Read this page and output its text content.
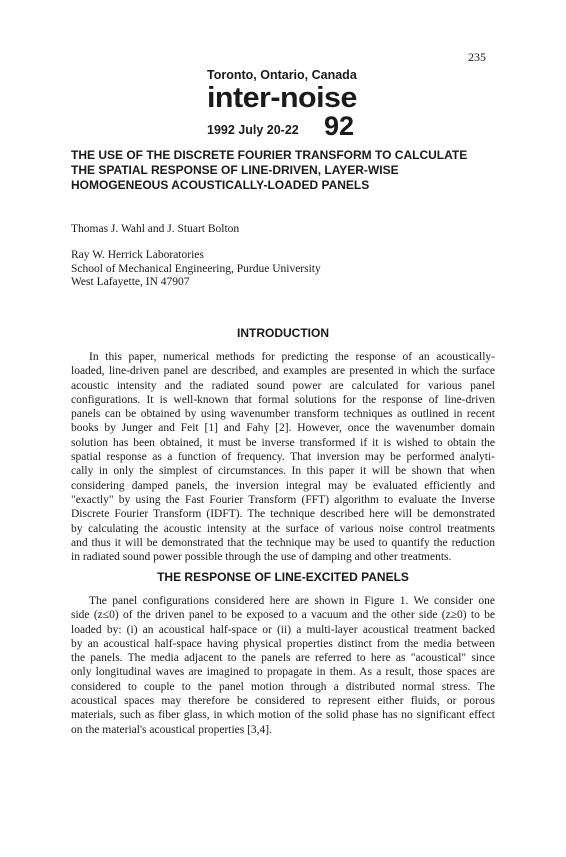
235
Toronto, Ontario, Canada
inter-noise
1992 July 20-22 92
THE USE OF THE DISCRETE FOURIER TRANSFORM TO CALCULATE
THE SPATIAL RESPONSE OF LINE-DRIVEN, LAYER-WISE
HOMOGENEOUS ACOUSTICALLY-LOADED PANELS
Thomas J. Wahl and J. Stuart Bolton
Ray W. Herrick Laboratories
School of Mechanical Engineering, Purdue University
West Lafayette, IN 47907
INTRODUCTION
In this paper, numerical methods for predicting the response of an acoustically-
loaded, line-driven panel are described, and examples are presented in which the surface
acoustic intensity and the radiated sound power are calculated for various panel
configurations. It is well-known that formal solutions for the response of line-driven
panels can be obtained by using wavenumber transform techniques as outlined in recent
books by Junger and Feit [1] and Fahy [2]. However, once the wavenumber domain
solution has been obtained, it must be inverse transformed if it is wished to obtain the
spatial response as a function of frequency. That inversion may be performed analyti-
cally in only the simplest of circumstances. In this paper it will be shown that when
considering damped panels, the inversion integral may be evaluated efficiently and
"exactly" by using the Fast Fourier Transform (FFT) algorithm to evaluate the Inverse
Discrete Fourier Transform (IDFT). The technique described here will be demonstrated
by calculating the acoustic intensity at the surface of various noise control treatments
and thus it will be demonstrated that the technique may be used to quantify the reduction
in radiated sound power possible through the use of damping and other treatments.
THE RESPONSE OF LINE-EXCITED PANELS
The panel configurations considered here are shown in Figure 1. We consider one
side (z≤0) of the driven panel to be exposed to a vacuum and the other side (z≥0) to be
loaded by: (i) an acoustical half-space or (ii) a multi-layer acoustical treatment backed
by an acoustical half-space having physical properties distinct from the media between
the panels. The media adjacent to the panels are referred to here as "acoustical" since
only longitudinal waves are imagined to propagate in them. As a result, those spaces are
considered to couple to the panel motion through a distributed normal stress. The
acoustical spaces may therefore be considered to represent either fluids, or porous
materials, such as fiber glass, in which motion of the solid phase has no significant effect
on the material's acoustical properties [3,4].
